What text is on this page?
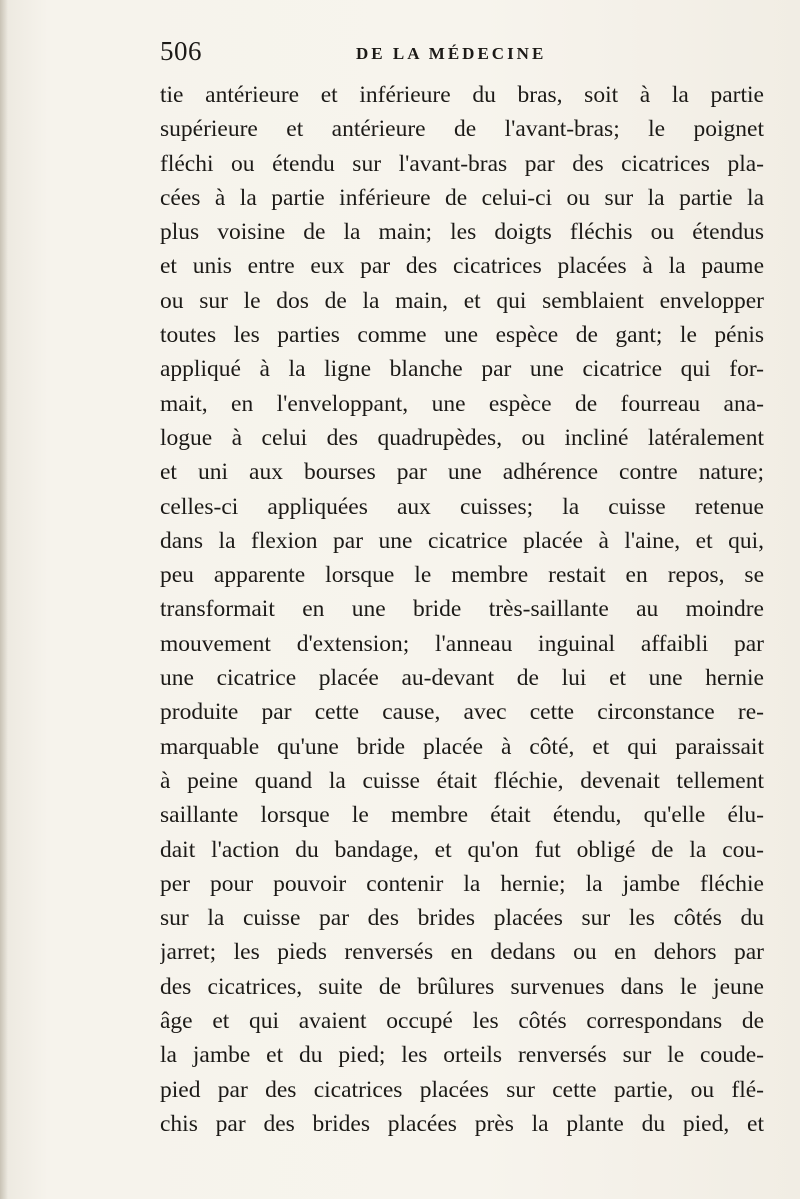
506	DE LA MÉDECINE
tie antérieure et inférieure du bras, soit à la partie
supérieure et antérieure de l'avant-bras; le poignet
fléchi ou étendu sur l'avant-bras par des cicatrices pla-
cées à la partie inférieure de celui-ci ou sur la partie la
plus voisine de la main; les doigts fléchis ou étendus
et unis entre eux par des cicatrices placées à la paume
ou sur le dos de la main, et qui semblaient envelopper
toutes les parties comme une espèce de gant; le pénis
appliqué à la ligne blanche par une cicatrice qui for-
mait, en l'enveloppant, une espèce de fourreau ana-
logue à celui des quadrupèdes, ou incliné latéralement
et uni aux bourses par une adhérence contre nature;
celles-ci appliquées aux cuisses; la cuisse retenue
dans la flexion par une cicatrice placée à l'aine, et qui,
peu apparente lorsque le membre restait en repos, se
transformait en une bride très-saillante au moindre
mouvement d'extension; l'anneau inguinal affaibli par
une cicatrice placée au-devant de lui et une hernie
produite par cette cause, avec cette circonstance re-
marquable qu'une bride placée à côté, et qui paraissait
à peine quand la cuisse était fléchie, devenait tellement
saillante lorsque le membre était étendu, qu'elle élu-
dait l'action du bandage, et qu'on fut obligé de la cou-
per pour pouvoir contenir la hernie; la jambe fléchie
sur la cuisse par des brides placées sur les côtés du
jarret; les pieds renversés en dedans ou en dehors par
des cicatrices, suite de brûlures survenues dans le jeune
âge et qui avaient occupé les côtés correspondans de
la jambe et du pied; les orteils renversés sur le coude-
pied par des cicatrices placées sur cette partie, ou flé-
chis par des brides placées près la plante du pied, et
